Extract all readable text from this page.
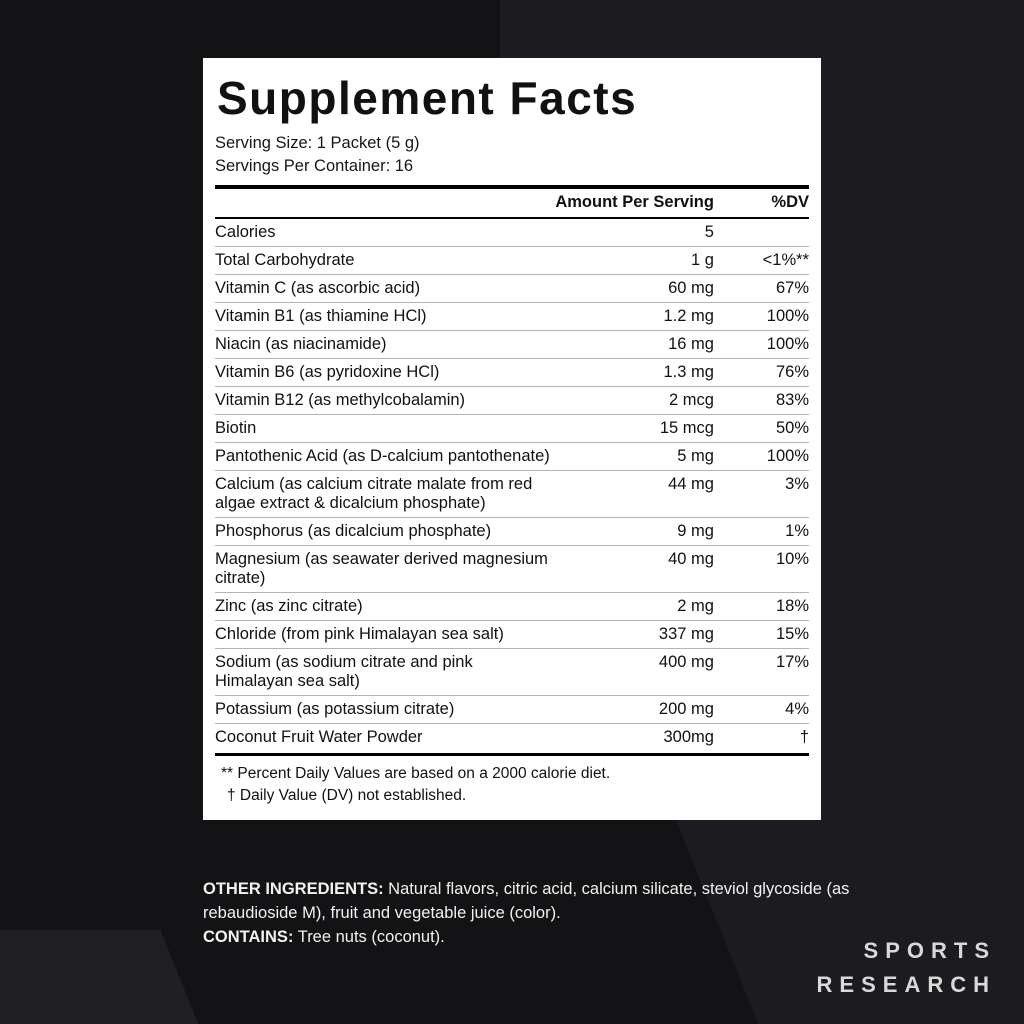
Supplement Facts
Serving Size: 1 Packet (5 g)
Servings Per Container: 16
	Amount Per Serving	%DV
Calories	5	
Total Carbohydrate	1 g	<1%**
Vitamin C (as ascorbic acid)	60 mg	67%
Vitamin B1 (as thiamine HCl)	1.2 mg	100%
Niacin (as niacinamide)	16 mg	100%
Vitamin B6 (as pyridoxine HCl)	1.3 mg	76%
Vitamin B12 (as methylcobalamin)	2 mcg	83%
Biotin	15 mcg	50%
Pantothenic Acid (as D-calcium pantothenate)	5 mg	100%
Calcium (as calcium citrate malate from red algae extract & dicalcium phosphate)	44 mg	3%
Phosphorus (as dicalcium phosphate)	9 mg	1%
Magnesium (as seawater derived magnesium citrate)	40 mg	10%
Zinc (as zinc citrate)	2 mg	18%
Chloride (from pink Himalayan sea salt)	337 mg	15%
Sodium (as sodium citrate and pink Himalayan sea salt)	400 mg	17%
Potassium (as potassium citrate)	200 mg	4%
Coconut Fruit Water Powder	300mg	†
** Percent Daily Values are based on a 2000 calorie diet.
† Daily Value (DV) not established.
OTHER INGREDIENTS: Natural flavors, citric acid, calcium silicate, steviol glycoside (as rebaudioside M), fruit and vegetable juice (color).
CONTAINS: Tree nuts (coconut).
SPORTS
RESEARCH
